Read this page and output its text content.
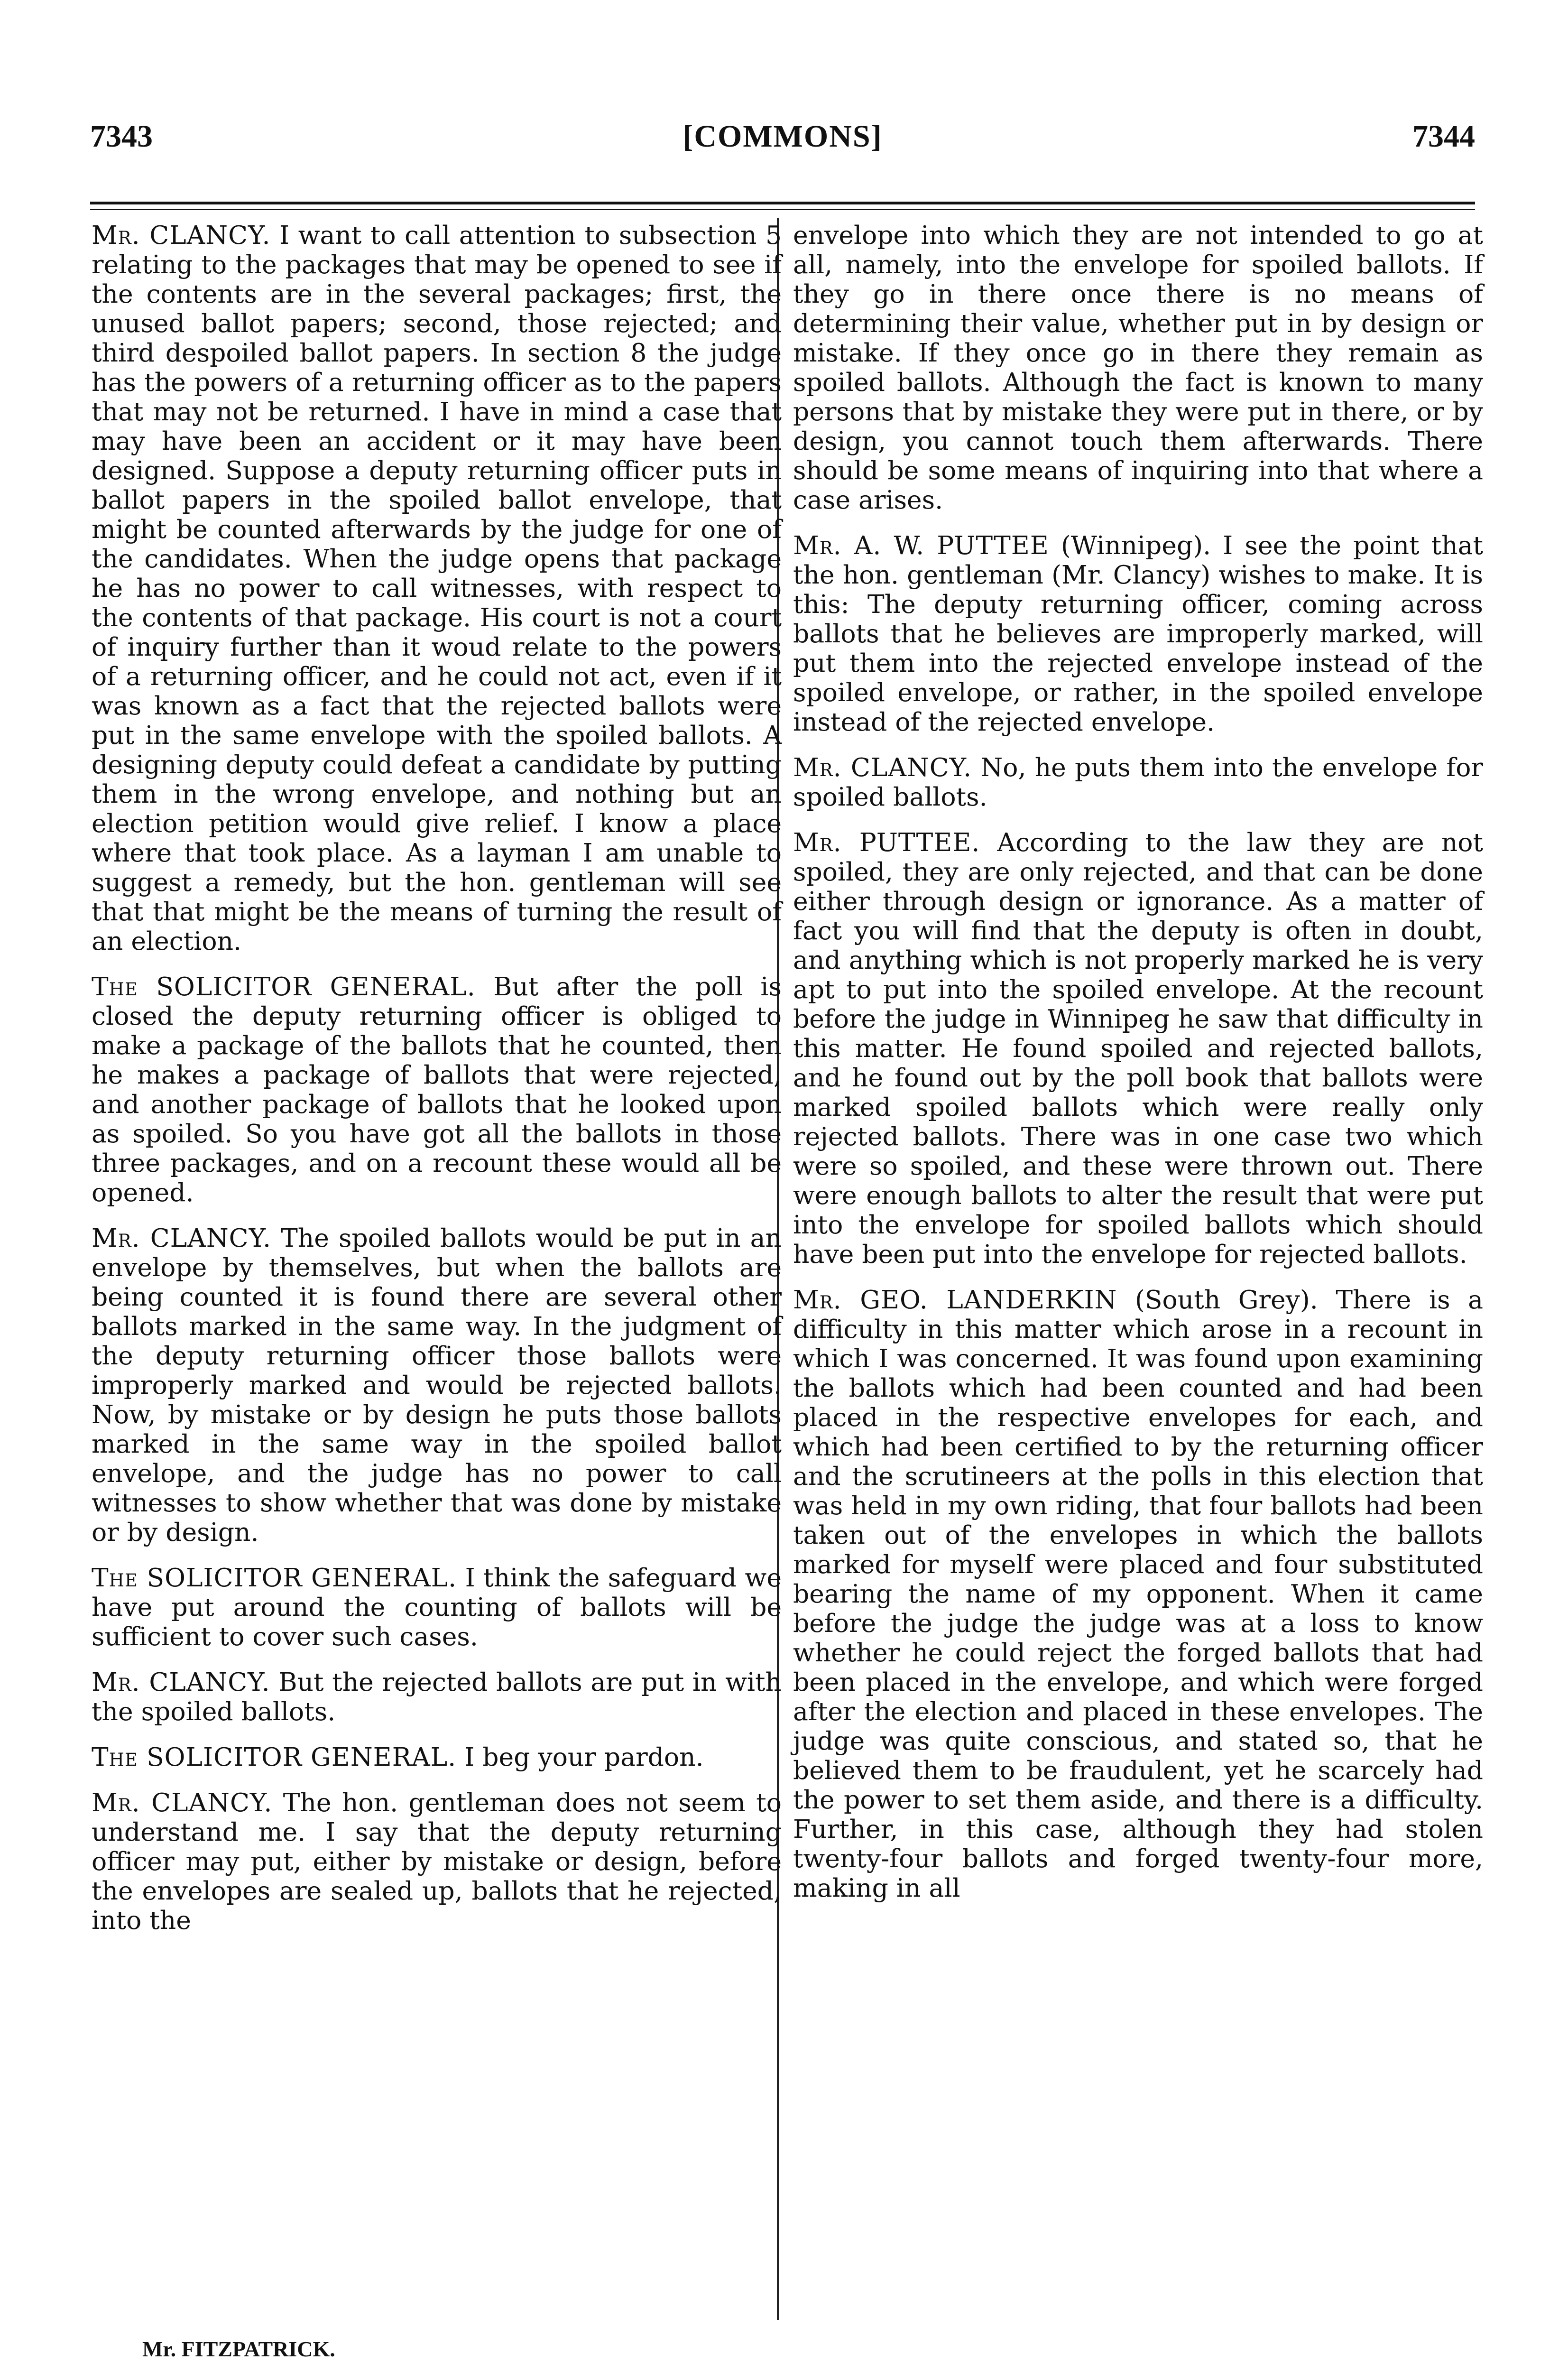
7343	[COMMONS]	7344

Mr. CLANCY. I want to call attention to subsection 5 relating to the packages that may be opened to see if the contents are in the several packages; first, the unused ballot papers; second, those rejected; and third despoiled ballot papers. In section 8 the judge has the powers of a returning officer as to the papers that may not be returned. I have in mind a case that may have been an accident or it may have been designed. Suppose a deputy returning officer puts in ballot papers in the spoiled ballot envelope, that might be counted afterwards by the judge for one of the candidates. When the judge opens that package he has no power to call witnesses, with respect to the contents of that package. His court is not a court of inquiry further than it woud relate to the powers of a returning officer, and he could not act, even if it was known as a fact that the rejected ballots were put in the same envelope with the spoiled ballots. A designing deputy could defeat a candidate by putting them in the wrong envelope, and nothing but an election petition would give relief. I know a place where that took place. As a layman I am unable to suggest a remedy, but the hon. gentleman will see that that might be the means of turning the result of an election.

The SOLICITOR GENERAL. But after the poll is closed the deputy returning officer is obliged to make a package of the ballots that he counted, then he makes a package of ballots that were rejected, and another package of ballots that he looked upon as spoiled. So you have got all the ballots in those three packages, and on a recount these would all be opened.

Mr. CLANCY. The spoiled ballots would be put in an envelope by themselves, but when the ballots are being counted it is found there are several other ballots marked in the same way. In the judgment of the deputy returning officer those ballots were improperly marked and would be rejected ballots. Now, by mistake or by design he puts those ballots marked in the same way in the spoiled ballot envelope, and the judge has no power to call witnesses to show whether that was done by mistake or by design.

The SOLICITOR GENERAL. I think the safeguard we have put around the counting of ballots will be sufficient to cover such cases.

Mr. CLANCY. But the rejected ballots are put in with the spoiled ballots.

The SOLICITOR GENERAL. I beg your pardon.

Mr. CLANCY. The hon. gentleman does not seem to understand me. I say that the deputy returning officer may put, either by mistake or design, before the envelopes are sealed up, ballots that he rejected, into the

envelope into which they are not intended to go at all, namely, into the envelope for spoiled ballots. If they go in there once there is no means of determining their value, whether put in by design or mistake. If they once go in there they remain as spoiled ballots. Although the fact is known to many persons that by mistake they were put in there, or by design, you cannot touch them afterwards. There should be some means of inquiring into that where a case arises.

Mr. A. W. PUTTEE (Winnipeg). I see the point that the hon. gentleman (Mr. Clancy) wishes to make. It is this: The deputy returning officer, coming across ballots that he believes are improperly marked, will put them into the rejected envelope instead of the spoiled envelope, or rather, in the spoiled envelope instead of the rejected envelope.

Mr. CLANCY. No, he puts them into the envelope for spoiled ballots.

Mr. PUTTEE. According to the law they are not spoiled, they are only rejected, and that can be done either through design or ignorance. As a matter of fact you will find that the deputy is often in doubt, and anything which is not properly marked he is very apt to put into the spoiled envelope. At the recount before the judge in Winnipeg he saw that difficulty in this matter. He found spoiled and rejected ballots, and he found out by the poll book that ballots were marked spoiled ballots which were really only rejected ballots. There was in one case two which were so spoiled, and these were thrown out. There were enough ballots to alter the result that were put into the envelope for spoiled ballots which should have been put into the envelope for rejected ballots.

Mr. GEO. LANDERKIN (South Grey). There is a difficulty in this matter which arose in a recount in which I was concerned. It was found upon examining the ballots which had been counted and had been placed in the respective envelopes for each, and which had been certified to by the returning officer and the scrutineers at the polls in this election that was held in my own riding, that four ballots had been taken out of the envelopes in which the ballots marked for myself were placed and four substituted bearing the name of my opponent. When it came before the judge the judge was at a loss to know whether he could reject the forged ballots that had been placed in the envelope, and which were forged after the election and placed in these envelopes. The judge was quite conscious, and stated so, that he believed them to be fraudulent, yet he scarcely had the power to set them aside, and there is a difficulty. Further, in this case, although they had stolen twenty-four ballots and forged twenty-four more, making in all

Mr. FITZPATRICK.
